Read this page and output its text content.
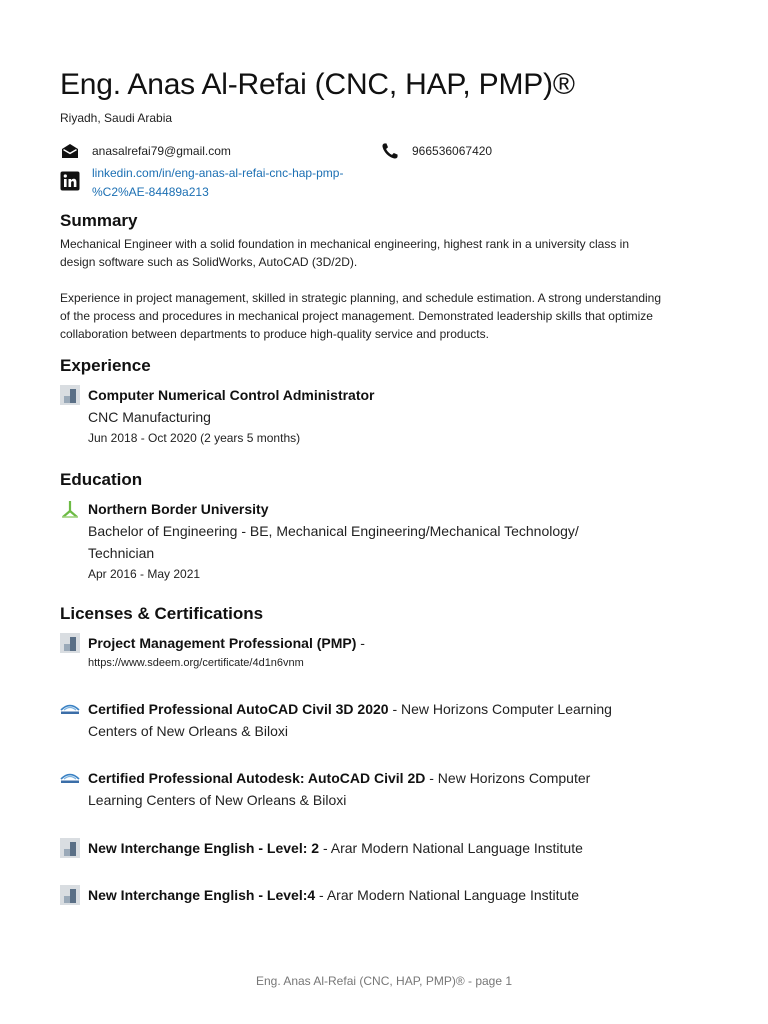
Eng. Anas Al-Refai (CNC, HAP, PMP)®
Riyadh, Saudi Arabia
anasalrefai79@gmail.com	966536067420
linkedin.com/in/eng-anas-al-refai-cnc-hap-pmp-
%C2%AE-84489a213
Summary
Mechanical Engineer with a solid foundation in mechanical engineering, highest rank in a university class in
design software such as SolidWorks, AutoCAD (3D/2D).
Experience in project management, skilled in strategic planning, and schedule estimation. A strong understanding
of the process and procedures in mechanical project management. Demonstrated leadership skills that optimize
collaboration between departments to produce high-quality service and products.
Experience
Computer Numerical Control Administrator
CNC Manufacturing
Jun 2018 - Oct 2020 (2 years 5 months)
Education
Northern Border University
Bachelor of Engineering - BE, Mechanical Engineering/Mechanical Technology/
Technician
Apr 2016 - May 2021
Licenses & Certifications
Project Management Professional (PMP) -
https://www.sdeem.org/certificate/4d1n6vnm
Certified Professional AutoCAD Civil 3D 2020 - New Horizons Computer Learning
Centers of New Orleans & Biloxi
Certified Professional Autodesk: AutoCAD Civil 2D - New Horizons Computer
Learning Centers of New Orleans & Biloxi
New Interchange English - Level: 2 - Arar Modern National Language Institute
New Interchange English - Level:4 - Arar Modern National Language Institute
Eng. Anas Al-Refai (CNC, HAP, PMP)® - page 1
